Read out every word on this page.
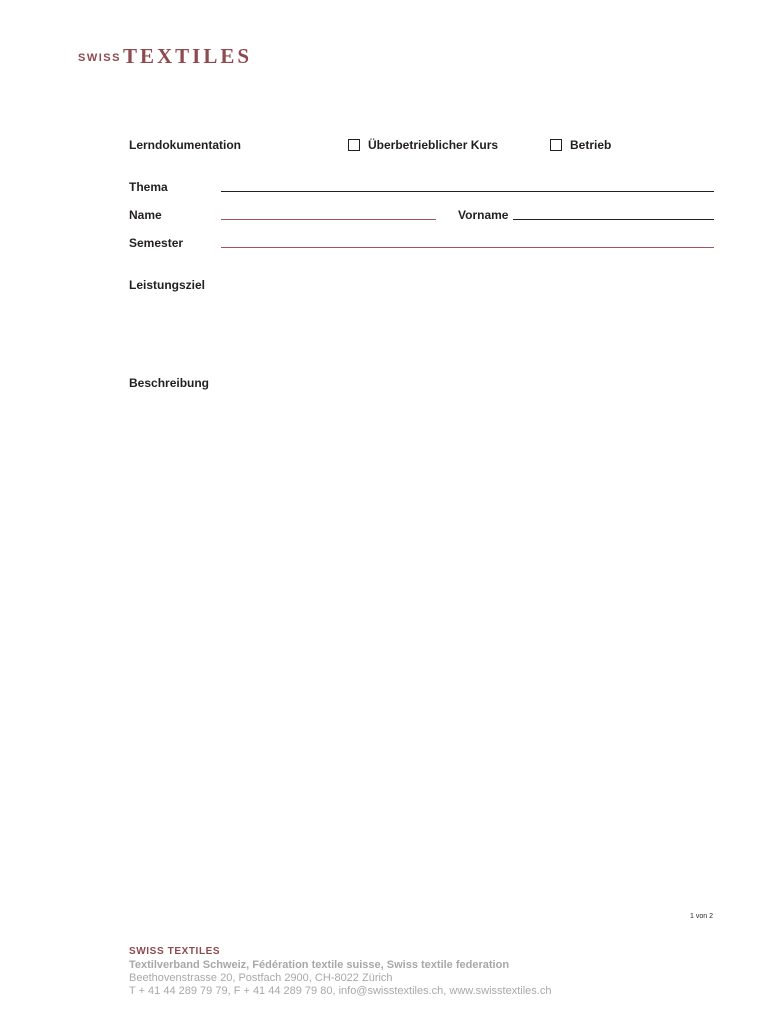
SWISS TEXTILES
Lerndokumentation	Überbetrieblicher Kurs	Betrieb
Thema
Name	Vorname
Semester
Leistungsziel
Beschreibung
1 von 2
SWISS TEXTILES
Textilverband Schweiz, Fédération textile suisse, Swiss textile federation
Beethovenstrasse 20, Postfach 2900, CH-8022 Zürich
T + 41 44 289 79 79, F + 41 44 289 79 80, info@swisstextiles.ch, www.swisstextiles.ch
